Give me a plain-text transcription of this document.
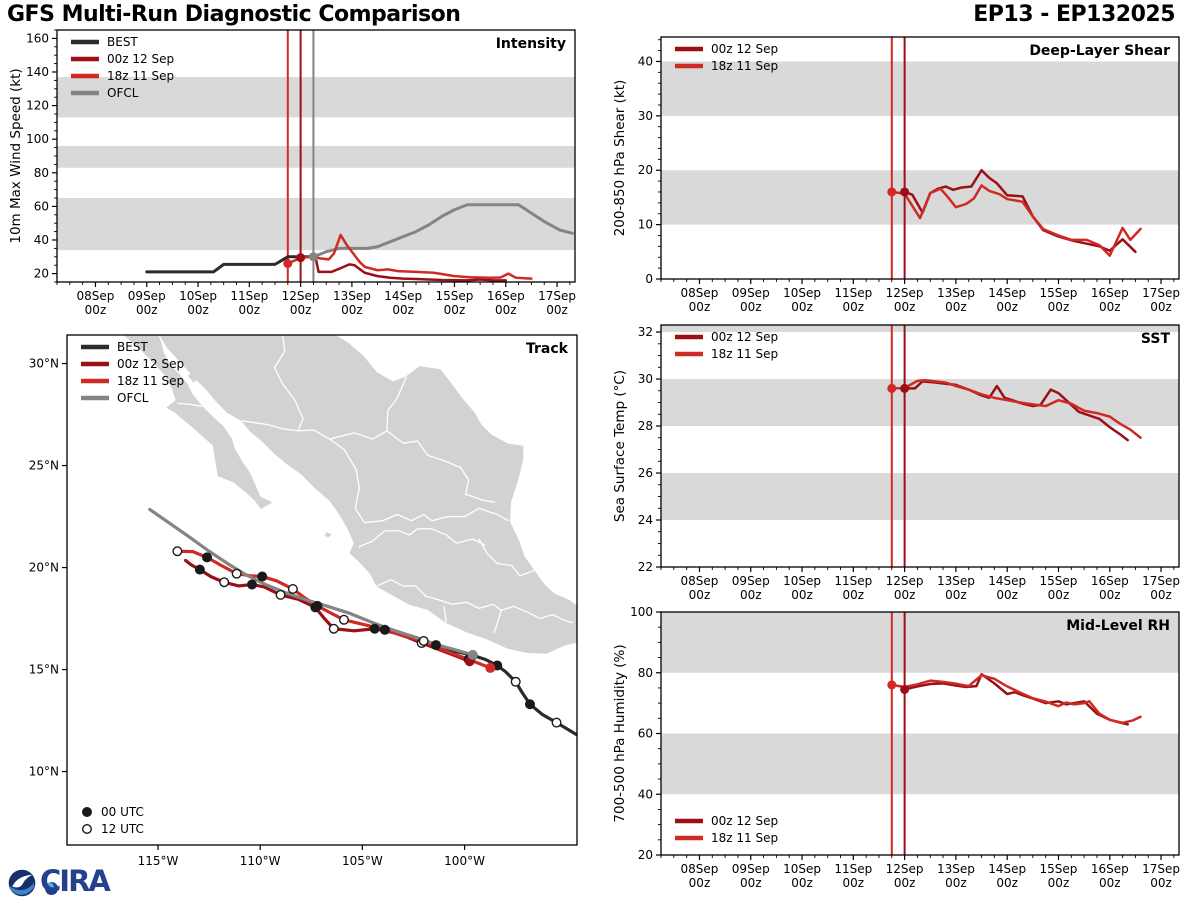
GFS Multi-Run Diagnostic Comparison	EP13 - EP132025
08Sep
00z
09Sep
00z
10Sep
00z
11Sep
00z
12Sep
00z
13Sep
00z
14Sep
00z
15Sep
00z
16Sep
00z
17Sep
00z
20
40
60
80
100
120
140
160
10m Max Wind Speed (kt)
Intensity
BEST
00z 12 Sep
18z 11 Sep
OFCL
08Sep
00z
09Sep
00z
10Sep
00z
11Sep
00z
12Sep
00z
13Sep
00z
14Sep
00z
15Sep
00z
16Sep
00z
17Sep
00z
0
10
20
30
40
200-850 hPa Shear (kt)
Deep-Layer Shear
00z 12 Sep
18z 11 Sep
08Sep
00z
09Sep
00z
10Sep
00z
11Sep
00z
12Sep
00z
13Sep
00z
14Sep
00z
15Sep
00z
16Sep
00z
17Sep
00z
22
24
26
28
30
32
Sea Surface Temp (°C)
SST
00z 12 Sep
18z 11 Sep
08Sep
00z
09Sep
00z
10Sep
00z
11Sep
00z
12Sep
00z
13Sep
00z
14Sep
00z
15Sep
00z
16Sep
00z
17Sep
00z
20
40
60
80
100
700-500 hPa Humidity (%)
Mid-Level RH
00z 12 Sep
18z 11 Sep
115°W	110°W	105°W	100°W
10°N
15°N
20°N
25°N
30°N
Track
BEST
00z 12 Sep
18z 11 Sep
OFCL
00 UTC
12 UTC
CIRA
